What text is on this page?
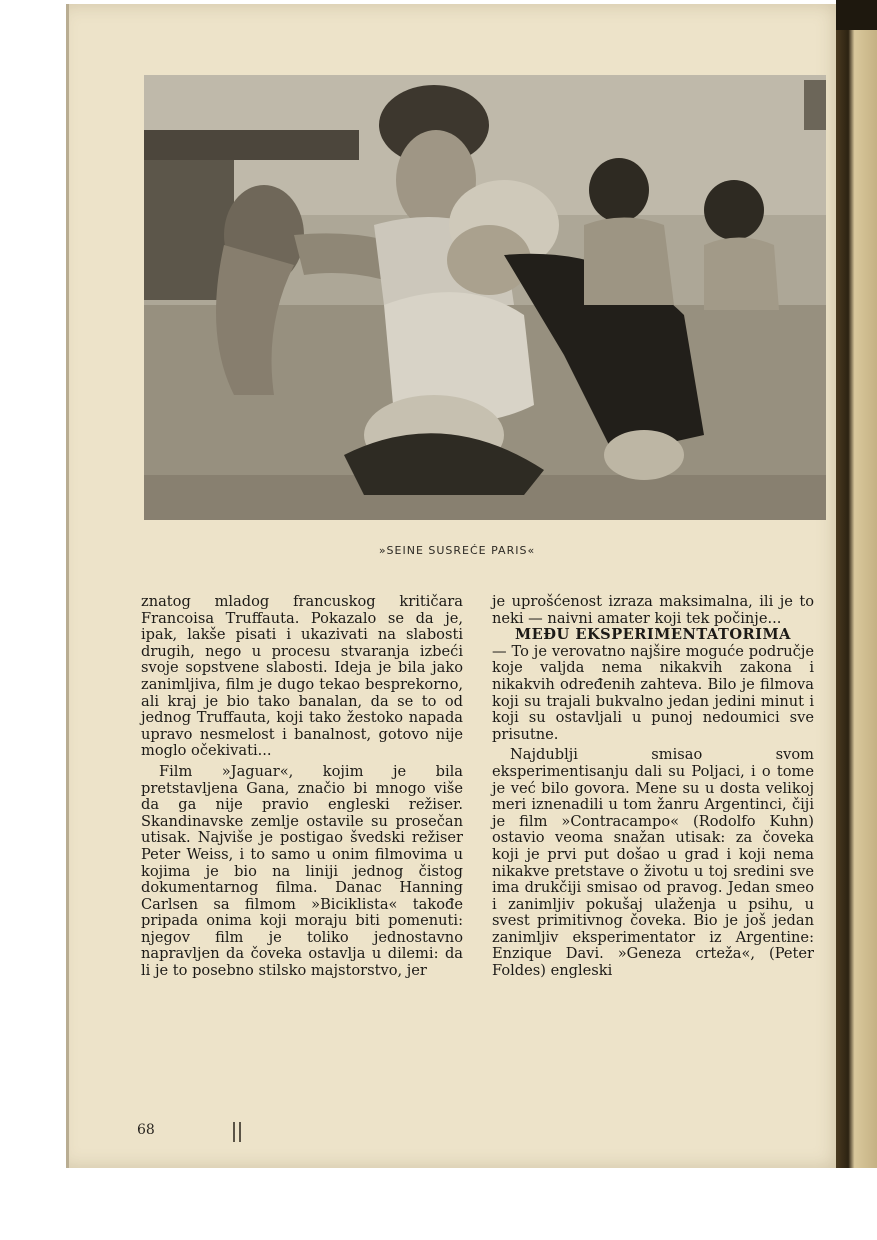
»SEINE SUSREĆE PARIS«

znatog mladog francuskog kritičara Francoisa Truffauta. Pokazalo se da je, ipak, lakše pisati i ukazivati na slabosti drugih, nego u procesu stvaranja izbeći svoje sopstvene slabosti. Ideja je bila jako zanimljiva, film je dugo tekao besprekorno, ali kraj je bio tako banalan, da se to od jednog Truffauta, koji tako žestoko napada upravo nesmelost i banalnost, gotovo nije moglo očekivati...

Film »Jaguar«, kojim je bila pretstavljena Gana, značio bi mnogo više da ga nije pravio engleski režiser. Skandinavske zemlje ostavile su prosečan utisak. Najviše je postigao švedski režiser Peter Weiss, i to samo u onim filmovima u kojima je bio na liniji jednog čistog dokumentarnog filma. Danac Hanning Carlsen sa filmom »Biciklista« takođe pripada onima koji moraju biti pomenuti: njegov film je toliko jednostavno napravljen da čoveka ostavlja u dilemi: da li je to posebno stilsko majstorstvo, jer

je uprošćenost izraza maksimalna, ili je to neki — naivni amater koji tek počinje...

MEĐU EKSPERIMENTATORIMA

— To je verovatno najšire moguće područje koje valjda nema nikakvih zakona i nikakvih određenih zahteva. Bilo je filmova koji su trajali bukvalno jedan jedini minut i koji su ostavljali u punoj nedoumici sve prisutne.

Najdublji smisao svom eksperimentisanju dali su Poljaci, i o tome je već bilo govora. Mene su u dosta velikoj meri iznenadili u tom žanru Argentinci, čiji je film »Contracampo« (Rodolfo Kuhn) ostavio veoma snažan utisak: za čoveka koji je prvi put došao u grad i koji nema nikakve pretstave o životu u toj sredini sve ima drukčiji smisao od pravog. Jedan smeo i zanimljiv pokušaj ulaženja u psihu, u svest primitivnog čoveka. Bio je još jedan zanimljiv eksperimentator iz Argentine: Enzique Davi. »Geneza crteža«, (Peter Foldes) engleski

68
